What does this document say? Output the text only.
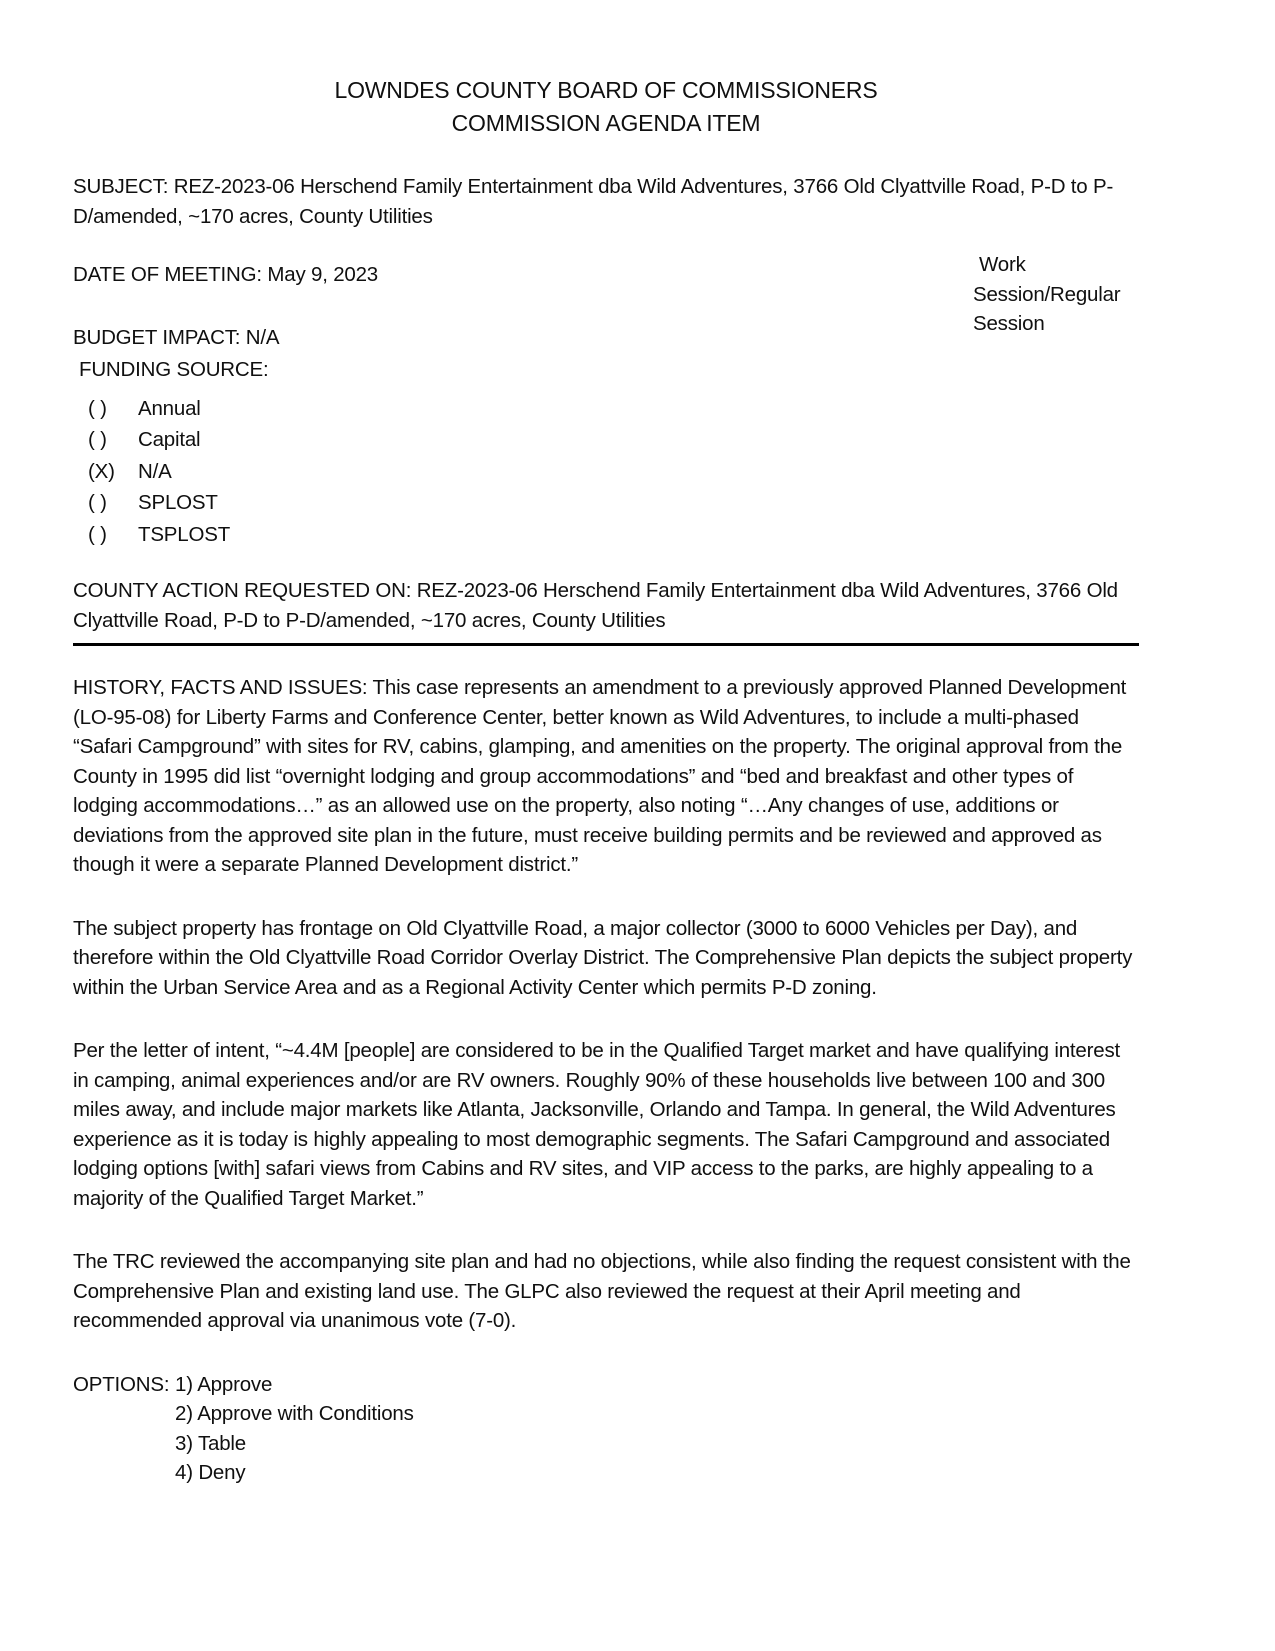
LOWNDES COUNTY BOARD OF COMMISSIONERS
COMMISSION AGENDA ITEM

SUBJECT: REZ-2023-06 Herschend Family Entertainment dba Wild Adventures, 3766 Old Clyattville Road, P-D to P-D/amended, ~170 acres, County Utilities

DATE OF MEETING: May 9, 2023	Work Session/Regular Session
BUDGET IMPACT: N/A
FUNDING SOURCE:
( )	Annual
( )	Capital
(X)	N/A
( )	SPLOST
( )	TSPLOST

COUNTY ACTION REQUESTED ON: REZ-2023-06 Herschend Family Entertainment dba Wild Adventures, 3766 Old Clyattville Road, P-D to P-D/amended, ~170 acres, County Utilities

HISTORY, FACTS AND ISSUES: This case represents an amendment to a previously approved Planned Development (LO-95-08) for Liberty Farms and Conference Center, better known as Wild Adventures, to include a multi-phased “Safari Campground” with sites for RV, cabins, glamping, and amenities on the property. The original approval from the County in 1995 did list “overnight lodging and group accommodations” and “bed and breakfast and other types of lodging accommodations…” as an allowed use on the property, also noting “…Any changes of use, additions or deviations from the approved site plan in the future, must receive building permits and be reviewed and approved as though it were a separate Planned Development district.”

The subject property has frontage on Old Clyattville Road, a major collector (3000 to 6000 Vehicles per Day), and therefore within the Old Clyattville Road Corridor Overlay District. The Comprehensive Plan depicts the subject property within the Urban Service Area and as a Regional Activity Center which permits P-D zoning.

Per the letter of intent, “~4.4M [people] are considered to be in the Qualified Target market and have qualifying interest in camping, animal experiences and/or are RV owners. Roughly 90% of these households live between 100 and 300 miles away, and include major markets like Atlanta, Jacksonville, Orlando and Tampa. In general, the Wild Adventures experience as it is today is highly appealing to most demographic segments. The Safari Campground and associated lodging options [with] safari views from Cabins and RV sites, and VIP access to the parks, are highly appealing to a majority of the Qualified Target Market.”

The TRC reviewed the accompanying site plan and had no objections, while also finding the request consistent with the Comprehensive Plan and existing land use. The GLPC also reviewed the request at their April meeting and recommended approval via unanimous vote (7-0).

OPTIONS: 1) Approve
2) Approve with Conditions
3) Table
4) Deny
